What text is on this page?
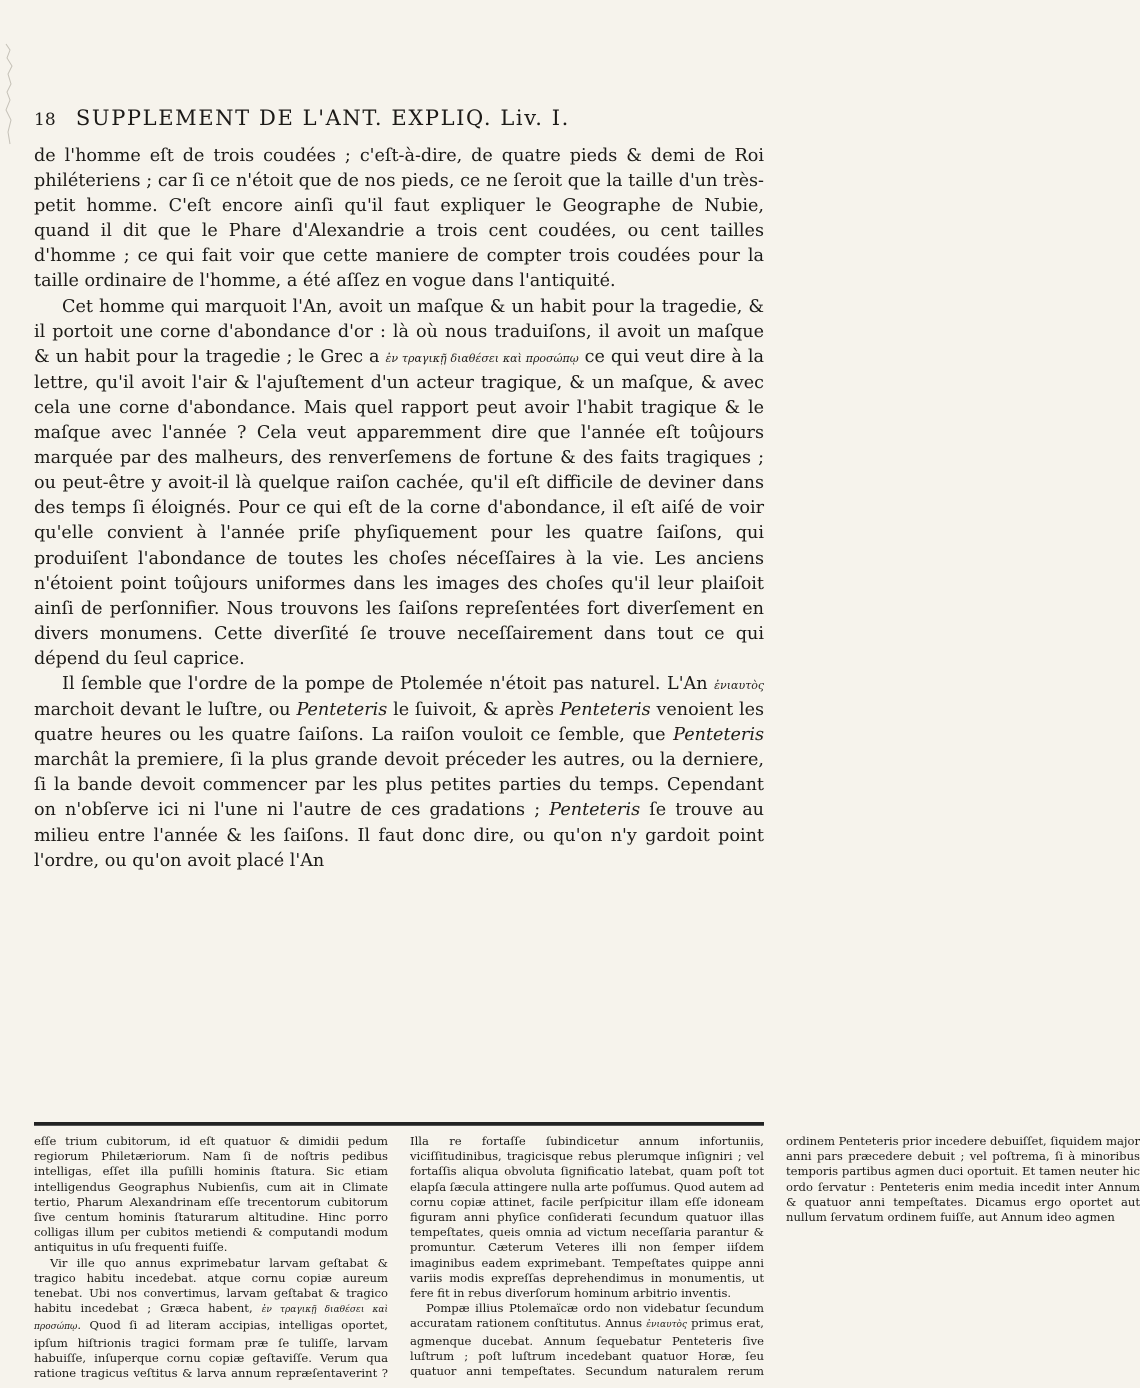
18 SUPPLEMENT DE L'ANT. EXPLIQ. Liv. I.

de l'homme eſt de trois coudées ; c'eſt-à-dire, de quatre pieds & demi de Roi philéteriens ; car ſi ce n'étoit que de nos pieds, ce ne ſeroit que la taille d'un très-petit homme. C'eſt encore ainſi qu'il faut expliquer le Geographe de Nubie, quand il dit que le Phare d'Alexandrie a trois cent coudées, ou cent tailles d'homme ; ce qui fait voir que cette maniere de compter trois coudées pour la taille ordinaire de l'homme, a été aſſez en vogue dans l'antiquité.

Cet homme qui marquoit l'An, avoit un maſque & un habit pour la tragedie, & il portoit une corne d'abondance d'or : là où nous traduiſons, il avoit un maſque & un habit pour la tragedie ; le Grec a ἐν τραγικῇ διαθέσει καὶ προσώπῳ ce qui veut dire à la lettre, qu'il avoit l'air & l'ajuſtement d'un acteur tragique, & un maſque, & avec cela une corne d'abondance. Mais quel rapport peut avoir l'habit tragique & le maſque avec l'année ? Cela veut apparemment dire que l'année eſt toûjours marquée par des malheurs, des renverſemens de fortune & des faits tragiques ; ou peut-être y avoit-il là quelque raiſon cachée, qu'il eſt difficile de deviner dans des temps ſi éloignés. Pour ce qui eſt de la corne d'abondance, il eſt aiſé de voir qu'elle convient à l'année priſe phyſiquement pour les quatre ſaiſons, qui produiſent l'abondance de toutes les choſes néceſſaires à la vie. Les anciens n'étoient point toûjours uniformes dans les images des choſes qu'il leur plaiſoit ainſi de perſonnifier. Nous trouvons les ſaiſons repreſentées fort diverſement en divers monumens. Cette diverſité ſe trouve neceſſairement dans tout ce qui dépend du ſeul caprice.

Il ſemble que l'ordre de la pompe de Ptolemée n'étoit pas naturel. L'An ἐνιαυτὸς marchoit devant le luſtre, ou Penteteris le ſuivoit, & après Penteteris venoient les quatre heures ou les quatre ſaiſons. La raiſon vouloit ce ſemble, que Penteteris marchât la premiere, ſi la plus grande devoit préceder les autres, ou la derniere, ſi la bande devoit commencer par les plus petites parties du temps. Cependant on n'obſerve ici ni l'une ni l'autre de ces gradations ; Penteteris ſe trouve au milieu entre l'année & les ſaiſons. Il faut donc dire, ou qu'on n'y gardoit point l'ordre, ou qu'on avoit placé l'An

eſſe trium cubitorum, id eſt quatuor & dimidii pedum regiorum Philetæriorum. Nam ſi de noſtris pedibus intelligas, eſſet illa puſilli hominis ſtatura. Sic etiam intelligendus Geographus Nubienſis, cum ait in Climate tertio, Pharum Alexandrinam eſſe trecentorum cubitorum ſive centum hominis ſtaturarum altitudine. Hinc porro colligas illum per cubitos metiendi & computandi modum antiquitus in uſu frequenti fuiſſe.

Vir ille quo annus exprimebatur larvam geſtabat & tragico habitu incedebat. atque cornu copiæ aureum tenebat. Ubi nos convertimus, larvam geſtabat & tragico habitu incedebat ; Græca habent, ἐν τραγικῇ διαθέσει καὶ προσώπῳ. Quod ſi ad literam accipias, intelligas oportet, ipſum hiſtrionis tragici formam præ ſe tuliſſe, larvam habuiſſe, inſuperque cornu copiæ geſtaviſſe. Verum qua ratione tragicus veſtitus & larva annum repræſentaverint ? Illa re fortaſſe ſubindicetur annum infortuniis, viciſſitudinibus, tragicisque rebus plerumque inſigniri ; vel fortaſſis aliqua obvoluta ſignificatio latebat, quam poſt tot elapſa ſæcula attingere nulla arte poſſumus. Quod autem ad cornu copiæ attinet, facile perſpicitur illam eſſe idoneam figuram anni phyſice conſiderati ſecundum quatuor illas tempeſtates, queis omnia ad victum neceſſaria parantur & promuntur. Cæterum Veteres illi non ſemper iiſdem imaginibus eadem exprimebant. Tempeſtates quippe anni variis modis expreſſas deprehendimus in monumentis, ut fere fit in rebus diverſorum hominum arbitrio inventis.

Pompæ illius Ptolemaïcæ ordo non videbatur ſecundum accuratam rationem conſtitutus. Annus ἐνιαυτὸς primus erat, agmenque ducebat. Annum ſequebatur Penteteris ſive luſtrum ; poſt luſtrum incedebant quatuor Horæ, ſeu quatuor anni tempeſtates. Secundum naturalem rerum ordinem Penteteris prior incedere debuiſſet, ſiquidem major anni pars præcedere debuit ; vel poſtrema, ſi à minoribus temporis partibus agmen duci oportuit. Et tamen neuter hic ordo ſervatur : Penteteris enim media incedit inter Annum & quatuor anni tempeſtates. Dicamus ergo oportet aut nullum ſervatum ordinem fuiſſe, aut Annum ideo agmen
